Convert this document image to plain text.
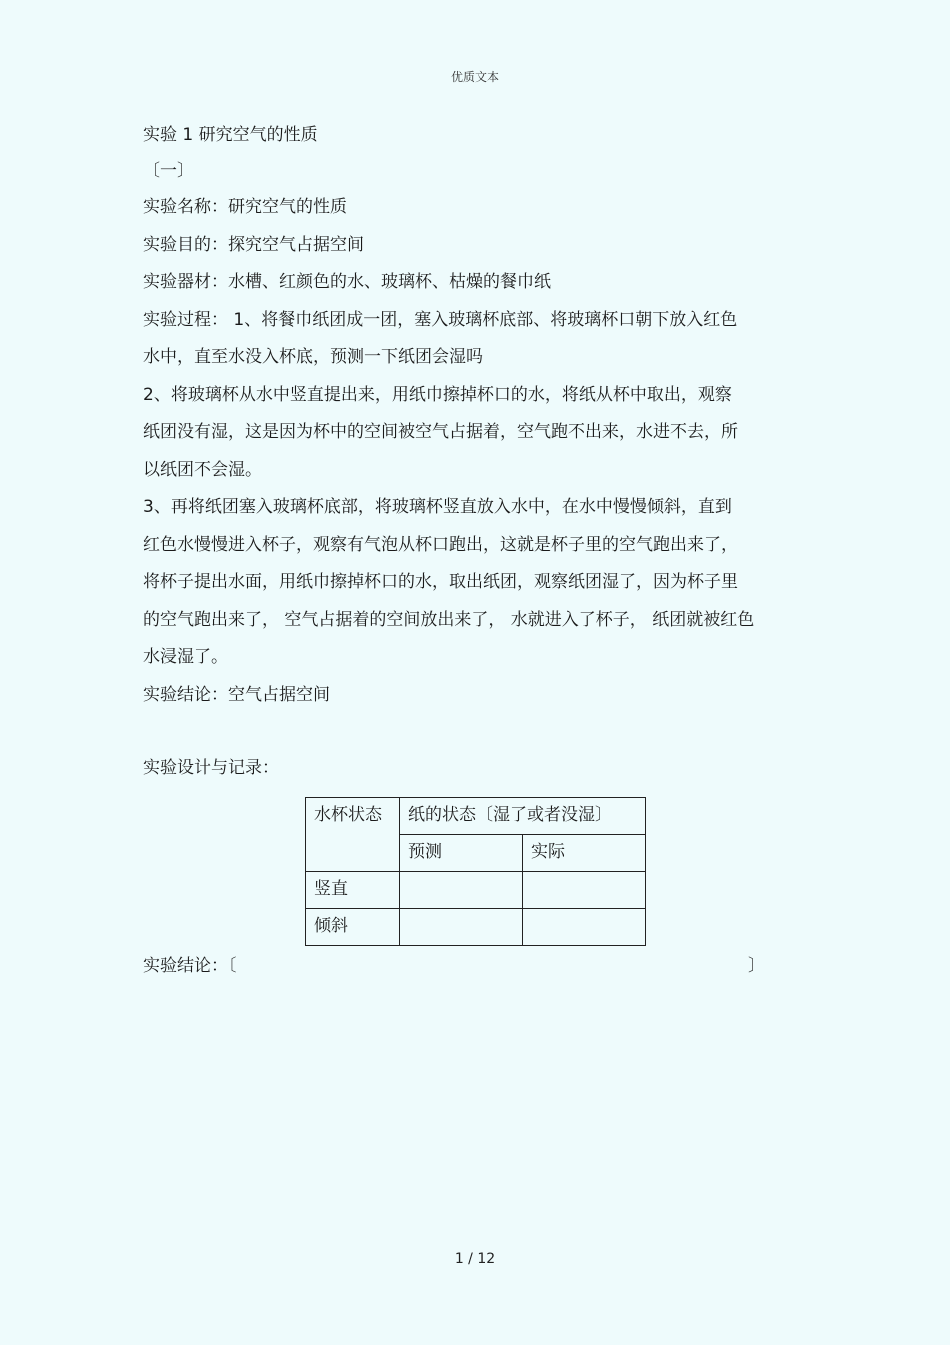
优质文本
实验 1 研究空气的性质
〔一〕
实验名称：研究空气的性质
实验目的：探究空气占据空间
实验器材：水槽、红颜色的水、玻璃杯、枯燥的餐巾纸
实验过程： 1、将餐巾纸团成一团，塞入玻璃杯底部、将玻璃杯口朝下放入红色
水中，直至水没入杯底，预测一下纸团会湿吗
2、将玻璃杯从水中竖直提出来，用纸巾擦掉杯口的水，将纸从杯中取出，观察
纸团没有湿，这是因为杯中的空间被空气占据着，空气跑不出来，水进不去，所
以纸团不会湿。
3、再将纸团塞入玻璃杯底部，将玻璃杯竖直放入水中，在水中慢慢倾斜，直到
红色水慢慢进入杯子，观察有气泡从杯口跑出，这就是杯子里的空气跑出来了，
将杯子提出水面，用纸巾擦掉杯口的水，取出纸团，观察纸团湿了，因为杯子里
的空气跑出来了， 空气占据着的空间放出来了， 水就进入了杯子， 纸团就被红色
水浸湿了。
实验结论：空气占据空间
实验设计与记录：
水杯状态	纸的状态〔湿了或者没湿〕	
	预测	实际
竖直		
倾斜		
实验结论：〔	〕
1 / 12
